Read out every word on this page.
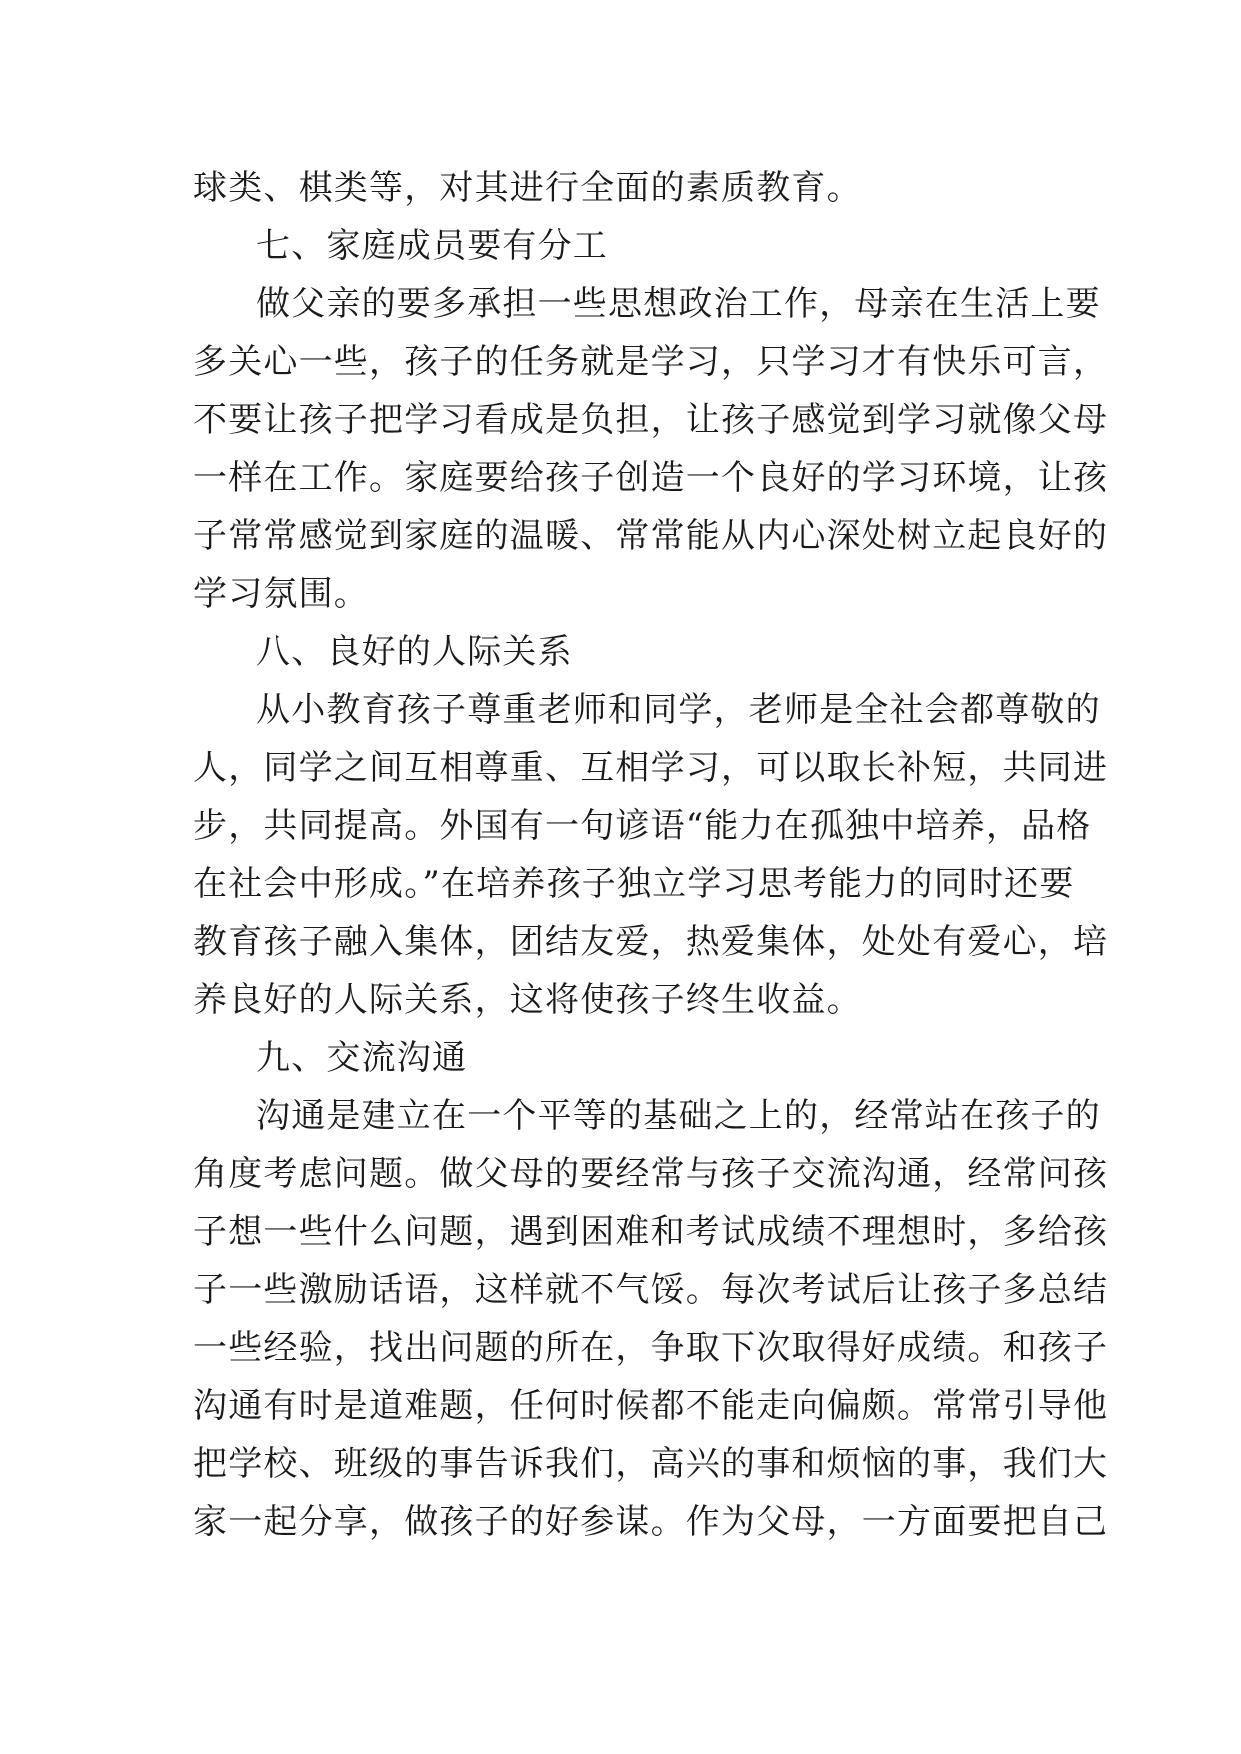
球类、棋类等，对其进行全面的素质教育。
七、家庭成员要有分工
做父亲的要多承担一些思想政治工作，母亲在生活上要
多关心一些，孩子的任务就是学习，只学习才有快乐可言，
不要让孩子把学习看成是负担，让孩子感觉到学习就像父母
一样在工作。家庭要给孩子创造一个良好的学习环境，让孩
子常常感觉到家庭的温暖、常常能从内心深处树立起良好的
学习氛围。
八、良好的人际关系
从小教育孩子尊重老师和同学，老师是全社会都尊敬的
人，同学之间互相尊重、互相学习，可以取长补短，共同进
步，共同提高。外国有一句谚语“能力在孤独中培养，品格
在社会中形成。”在培养孩子独立学习思考能力的同时还要
教育孩子融入集体，团结友爱，热爱集体，处处有爱心，培
养良好的人际关系，这将使孩子终生收益。
九、交流沟通
沟通是建立在一个平等的基础之上的，经常站在孩子的
角度考虑问题。做父母的要经常与孩子交流沟通，经常问孩
子想一些什么问题，遇到困难和考试成绩不理想时，多给孩
子一些激励话语，这样就不气馁。每次考试后让孩子多总结
一些经验，找出问题的所在，争取下次取得好成绩。和孩子
沟通有时是道难题，任何时候都不能走向偏颇。常常引导他
把学校、班级的事告诉我们，高兴的事和烦恼的事，我们大
家一起分享，做孩子的好参谋。作为父母，一方面要把自己
